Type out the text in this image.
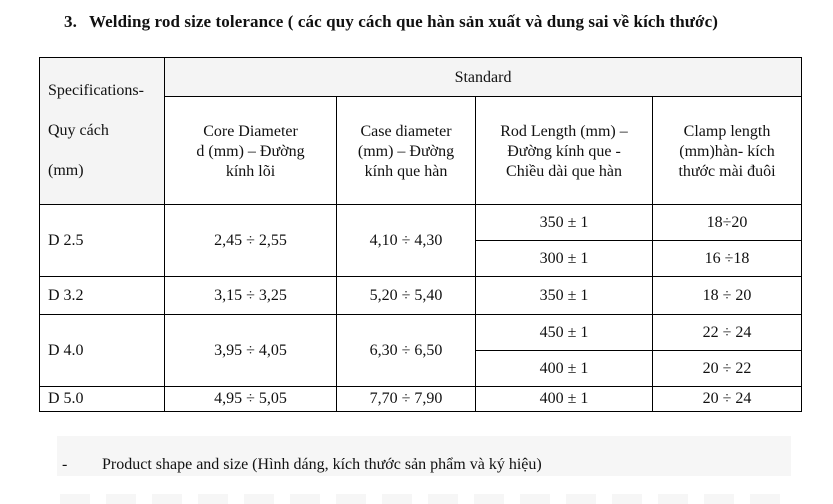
3. Welding rod size tolerance ( các quy cách que hàn sản xuất và dung sai về kích thước)
Specifications-
Quy cách
(mm)	Standard			

	Core Diameter
d (mm) – Đường
kính lõi	Case diameter
(mm) – Đường
kính que hàn	Rod Length (mm) –
Đường kính que -
Chiều dài que hàn	Clamp length
(mm)hàn- kích
thước mài đuôi

D 2.5	2,45 ÷ 2,55	4,10 ÷ 4,30	350 ± 1	18÷20
			300 ± 1	16 ÷18
D 3.2	3,15 ÷ 3,25	5,20 ÷ 5,40	350 ± 1	18 ÷ 20
D 4.0	3,95 ÷ 4,05	6,30 ÷ 6,50	450 ± 1	22 ÷ 24
			400 ± 1	20 ÷ 22
D 5.0	4,95 ÷ 5,05	7,70 ÷ 7,90	400 ± 1	20 ÷ 24
- Product shape and size (Hình dáng, kích thước sản phẩm và ký hiệu)
